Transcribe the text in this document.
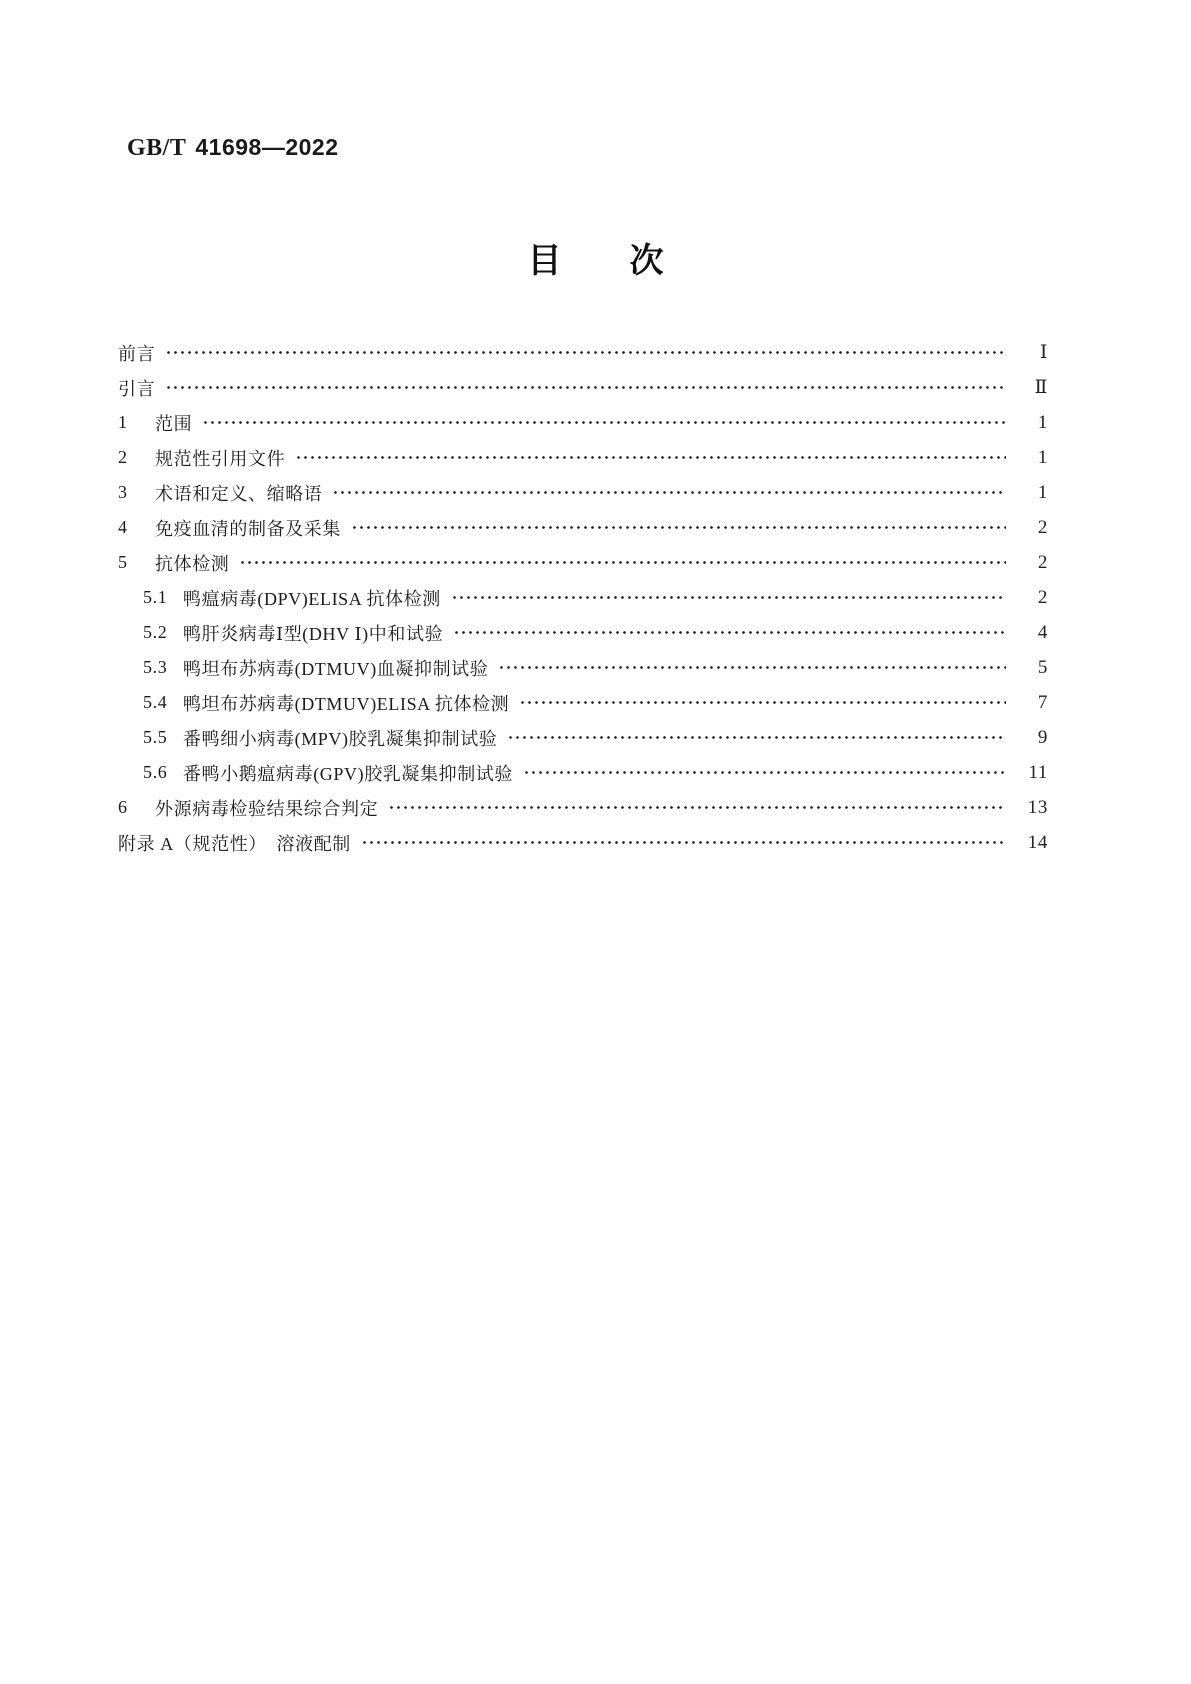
GB/T 41698—2022
目　　次
前言	Ⅰ
引言	Ⅱ
1	范围	1
2	规范性引用文件	1
3	术语和定义、缩略语	1
4	免疫血清的制备及采集	2
5	抗体检测	2
5.1 鸭瘟病毒(DPV)ELISA 抗体检测	2
5.2 鸭肝炎病毒Ⅰ型(DHV Ⅰ)中和试验	4
5.3 鸭坦布苏病毒(DTMUV)血凝抑制试验	5
5.4 鸭坦布苏病毒(DTMUV)ELISA 抗体检测	7
5.5 番鸭细小病毒(MPV)胶乳凝集抑制试验	9
5.6 番鸭小鹅瘟病毒(GPV)胶乳凝集抑制试验	11
6	外源病毒检验结果综合判定	13
附录 A（规范性）　溶液配制	14
